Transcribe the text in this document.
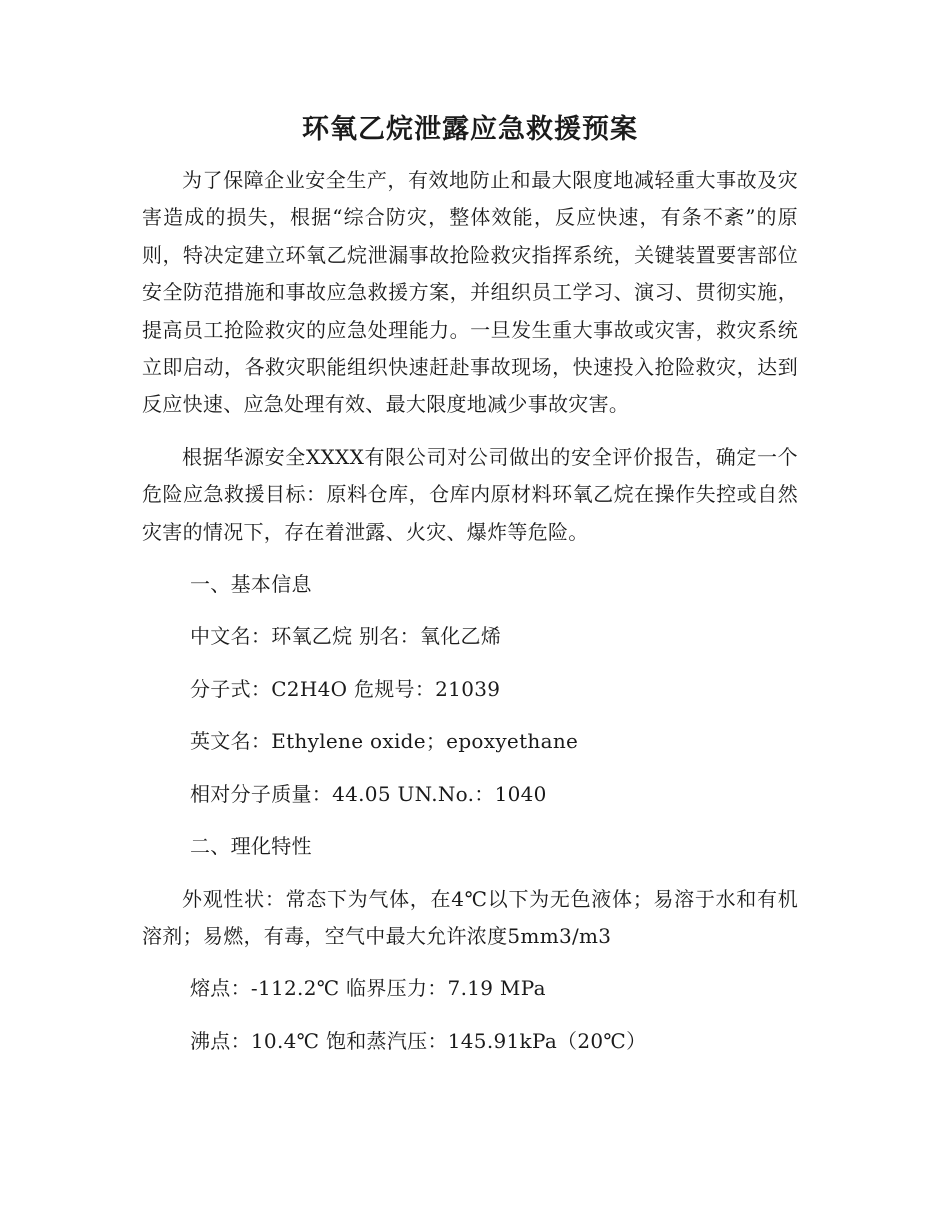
环氧乙烷泄露应急救援预案

为了保障企业安全生产，有效地防止和最大限度地减轻重大事故及灾害造成的损失，根据“综合防灾，整体效能，反应快速，有条不紊”的原则，特决定建立环氧乙烷泄漏事故抢险救灾指挥系统，关键装置要害部位安全防范措施和事故应急救援方案，并组织员工学习、演习、贯彻实施，提高员工抢险救灾的应急处理能力。一旦发生重大事故或灾害，救灾系统立即启动，各救灾职能组织快速赶赴事故现场，快速投入抢险救灾，达到反应快速、应急处理有效、最大限度地减少事故灾害。

根据华源安全XXXX有限公司对公司做出的安全评价报告，确定一个危险应急救援目标：原料仓库，仓库内原材料环氧乙烷在操作失控或自然灾害的情况下，存在着泄露、火灾、爆炸等危险。

一、基本信息

中文名：环氧乙烷 别名：氧化乙烯

分子式：C2H4O 危规号：21039

英文名：Ethylene oxide；epoxyethane

相对分子质量：44.05 UN.No.：1040

二、理化特性

外观性状：常态下为气体，在4℃以下为无色液体；易溶于水和有机溶剂；易燃，有毒，空气中最大允许浓度5mm3/m3

熔点：-112.2℃ 临界压力：7.19 MPa

沸点：10.4℃ 饱和蒸汽压：145.91kPa（20℃）
